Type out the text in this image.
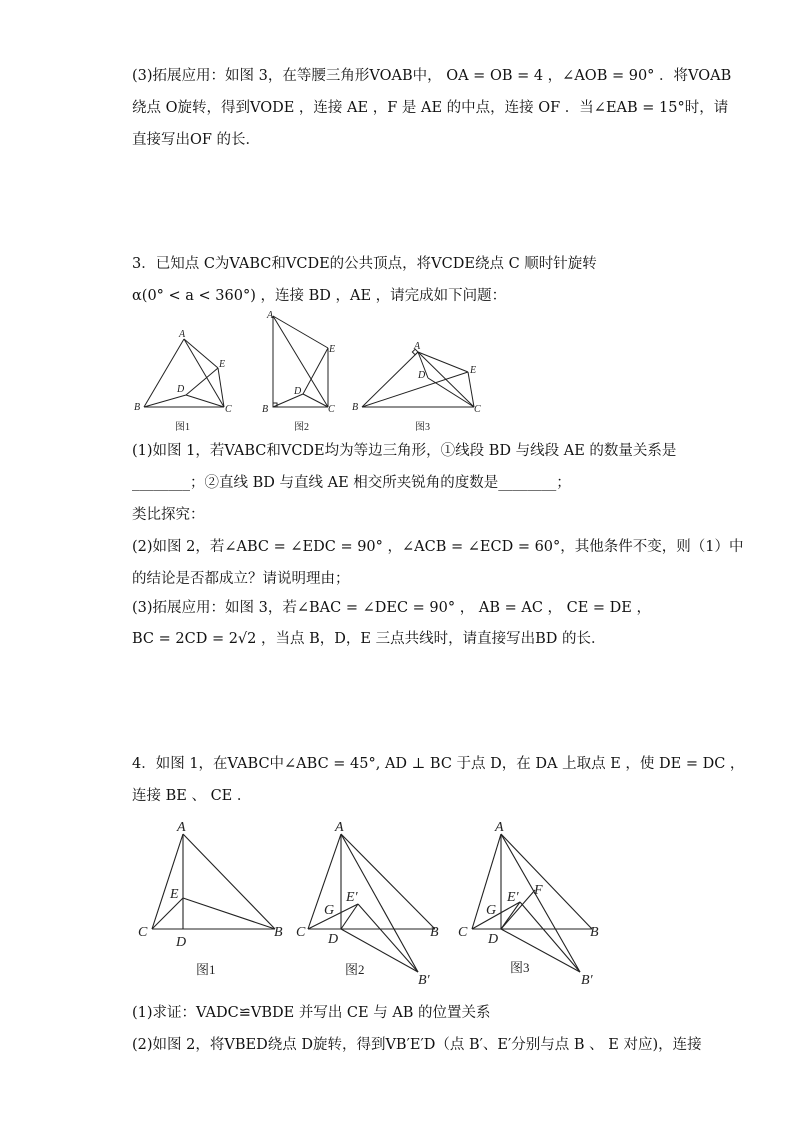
(3)拓展应用：如图 3，在等腰三角形VOAB中， OA = OB = 4 ，∠AOB = 90° ．将VOAB
绕点 O旋转，得到VODE ，连接 AE ，F 是 AE 的中点，连接 OF ．当∠EAB = 15°时，请
直接写出OF 的长．
3．已知点 C为VABC和VCDE的公共顶点，将VCDE绕点 C 顺时针旋转
α(0° < a < 360°) ，连接 BD ，AE ，请完成如下问题：
A
B	C
D
E
图1
A
B	C
D
E
图2
A
B	C
D	E
图3
(1)如图 1，若VABC和VCDE均为等边三角形，①线段 BD 与线段 AE 的数量关系是
________；②直线 BD 与直线 AE 相交所夹锐角的度数是________；
类比探究：
(2)如图 2，若∠ABC = ∠EDC = 90° ，∠ACB = ∠ECD = 60°，其他条件不变，则（1）中
的结论是否都成立？请说明理由；
(3)拓展应用：如图 3，若∠BAC = ∠DEC = 90° ， AB = AC ， CE = DE ，
BC = 2CD = 2√2 ，当点 B，D，E 三点共线时，请直接写出BD 的长．
4．如图 1，在VABC中∠ABC = 45°, AD ⊥ BC 于点 D，在 DA 上取点 E ，使 DE = DC ，
连接 BE 、 CE ．
A
C
D
E
B
图1
A
C D
G
E′
B
B′
图2
A
C D
G
E′ F
B
B′
图3
(1)求证：VADC≌VBDE 并写出 CE 与 AB 的位置关系
(2)如图 2，将VBED绕点 D旋转，得到VB′E′D（点 B′、E′分别与点 B 、 E 对应)，连接
